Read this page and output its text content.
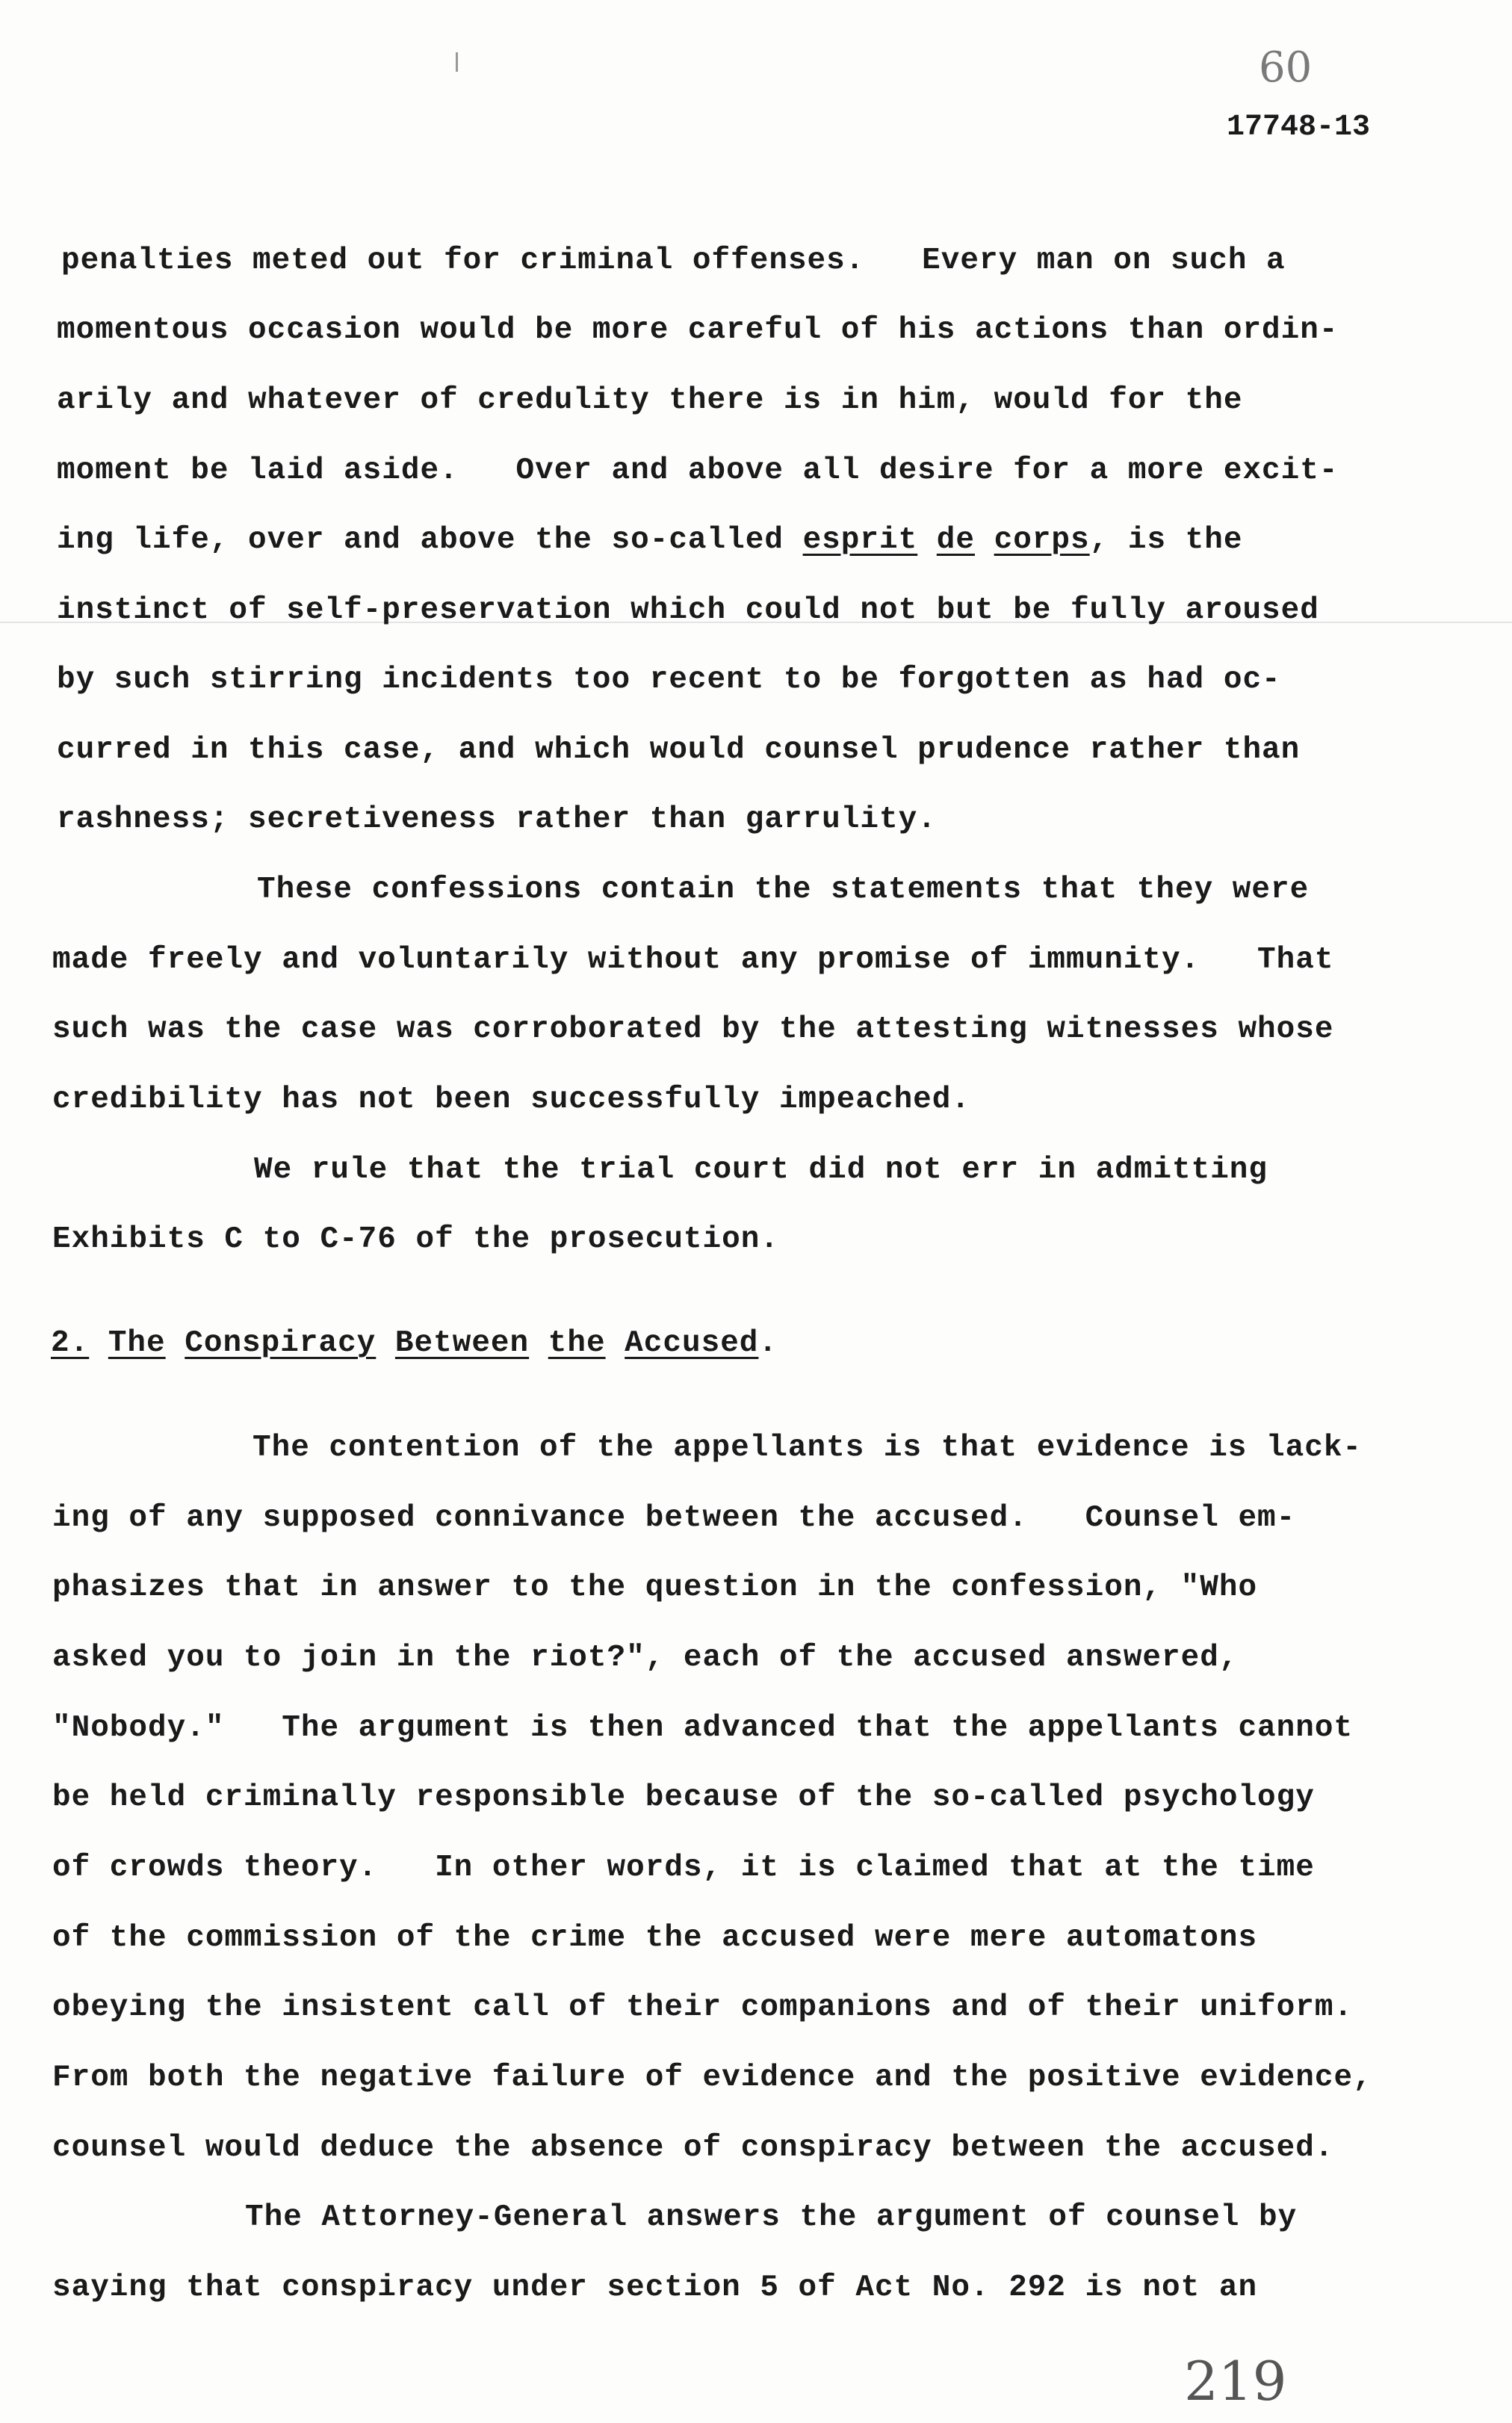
60
17748-13
penalties meted out for criminal offenses.   Every man on such a
momentous occasion would be more careful of his actions than ordin-
arily and whatever of credulity there is in him, would for the
moment be laid aside.   Over and above all desire for a more excit-
ing life, over and above the so-called esprit de corps, is the
instinct of self-preservation which could not but be fully aroused
by such stirring incidents too recent to be forgotten as had oc-
curred in this case, and which would counsel prudence rather than
rashness; secretiveness rather than garrulity.
These confessions contain the statements that they were
made freely and voluntarily without any promise of immunity.   That
such was the case was corroborated by the attesting witnesses whose
credibility has not been successfully impeached.
We rule that the trial court did not err in admitting
Exhibits C to C-76 of the prosecution.
2. The Conspiracy Between the Accused.
The contention of the appellants is that evidence is lack-
ing of any supposed connivance between the accused.   Counsel em-
phasizes that in answer to the question in the confession, "Who
asked you to join in the riot?", each of the accused answered,
"Nobody."   The argument is then advanced that the appellants cannot
be held criminally responsible because of the so-called psychology
of crowds theory.   In other words, it is claimed that at the time
of the commission of the crime the accused were mere automatons
obeying the insistent call of their companions and of their uniform.
From both the negative failure of evidence and the positive evidence,
counsel would deduce the absence of conspiracy between the accused.
The Attorney-General answers the argument of counsel by
saying that conspiracy under section 5 of Act No. 292 is not an
219
